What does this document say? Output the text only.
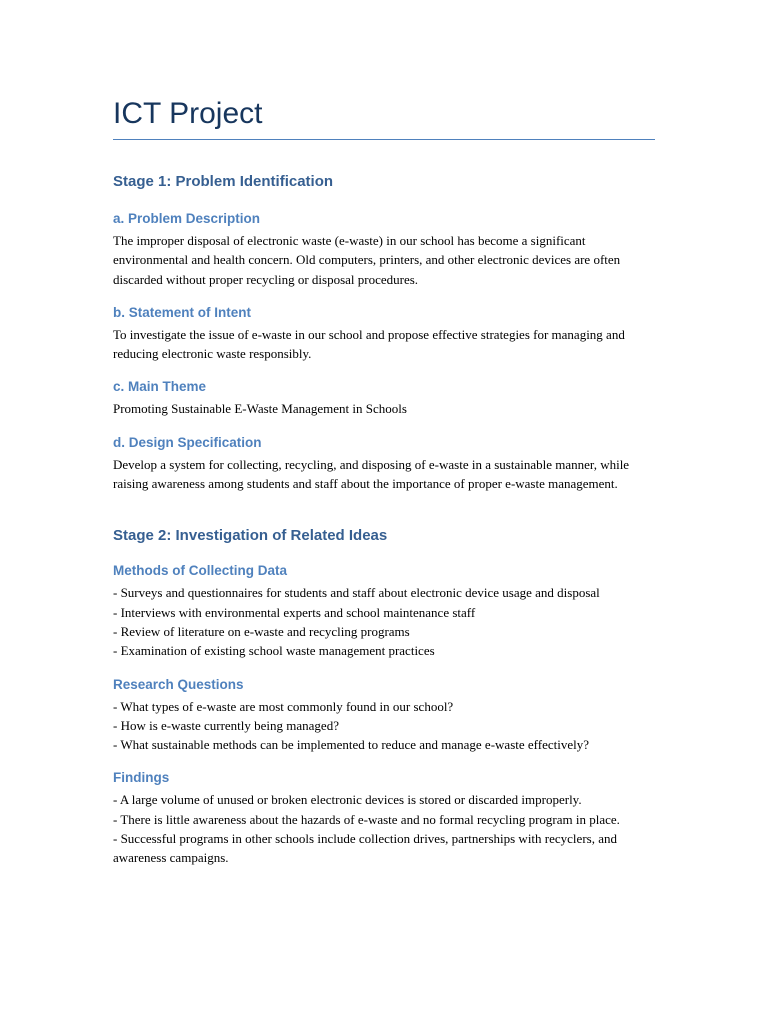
ICT Project
Stage 1: Problem Identification
a. Problem Description

The improper disposal of electronic waste (e-waste) in our school has become a significant environmental and health concern. Old computers, printers, and other electronic devices are often discarded without proper recycling or disposal procedures.

b. Statement of Intent

To investigate the issue of e-waste in our school and propose effective strategies for managing and reducing electronic waste responsibly.

c. Main Theme

Promoting Sustainable E-Waste Management in Schools

d. Design Specification

Develop a system for collecting, recycling, and disposing of e-waste in a sustainable manner, while raising awareness among students and staff about the importance of proper e-waste management.

Stage 2: Investigation of Related Ideas
Methods of Collecting Data
- Surveys and questionnaires for students and staff about electronic device usage and disposal
- Interviews with environmental experts and school maintenance staff
- Review of literature on e-waste and recycling programs
- Examination of existing school waste management practices
Research Questions
- What types of e-waste are most commonly found in our school?
- How is e-waste currently being managed?
- What sustainable methods can be implemented to reduce and manage e-waste effectively?
Findings
- A large volume of unused or broken electronic devices is stored or discarded improperly.
- There is little awareness about the hazards of e-waste and no formal recycling program in place.
- Successful programs in other schools include collection drives, partnerships with recyclers, and awareness campaigns.
